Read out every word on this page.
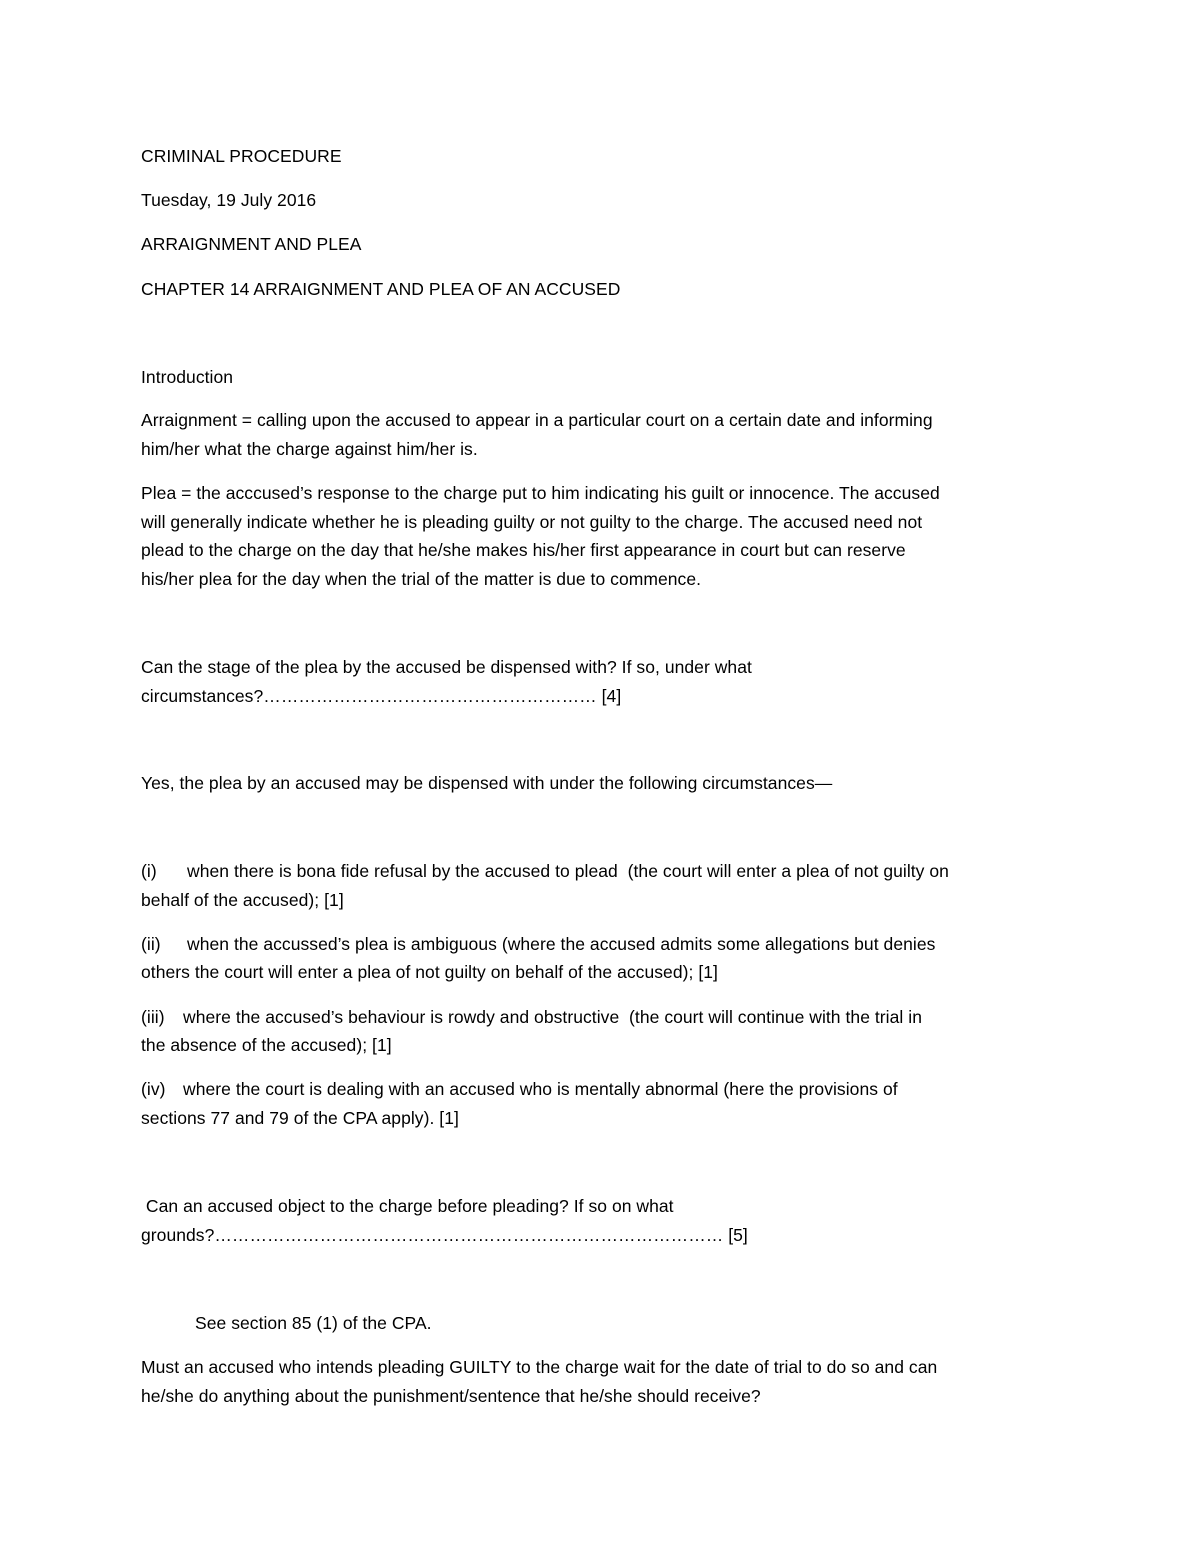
CRIMINAL PROCEDURE
Tuesday, 19 July 2016
ARRAIGNMENT AND PLEA
CHAPTER 14 ARRAIGNMENT AND PLEA OF AN ACCUSED
Introduction
Arraignment = calling upon the accused to appear in a particular court on a certain date and informing
him/her what the charge against him/her is.
Plea = the acccused’s response to the charge put to him indicating his guilt or innocence. The accused
will generally indicate whether he is pleading guilty or not guilty to the charge. The accused need not
plead to the charge on the day that he/she makes his/her first appearance in court but can reserve
his/her plea for the day when the trial of the matter is due to commence.
Can the stage of the plea by the accused be dispensed with? If so, under what
circumstances?………………………………………………… [4]
Yes, the plea by an accused may be dispensed with under the following circumstances—
(i) when there is bona fide refusal by the accused to plead  (the court will enter a plea of not guilty on
behalf of the accused); [1]
(ii) when the accussed’s plea is ambiguous (where the accused admits some allegations but denies
others the court will enter a plea of not guilty on behalf of the accused); [1]
(iii) where the accused’s behaviour is rowdy and obstructive  (the court will continue with the trial in
the absence of the accused); [1]
(iv) where the court is dealing with an accused who is mentally abnormal (here the provisions of
sections 77 and 79 of the CPA apply). [1]
Can an accused object to the charge before pleading? If so on what
grounds?…………………………………………………………………………… [5]
See section 85 (1) of the CPA.
Must an accused who intends pleading GUILTY to the charge wait for the date of trial to do so and can
he/she do anything about the punishment/sentence that he/she should receive?
